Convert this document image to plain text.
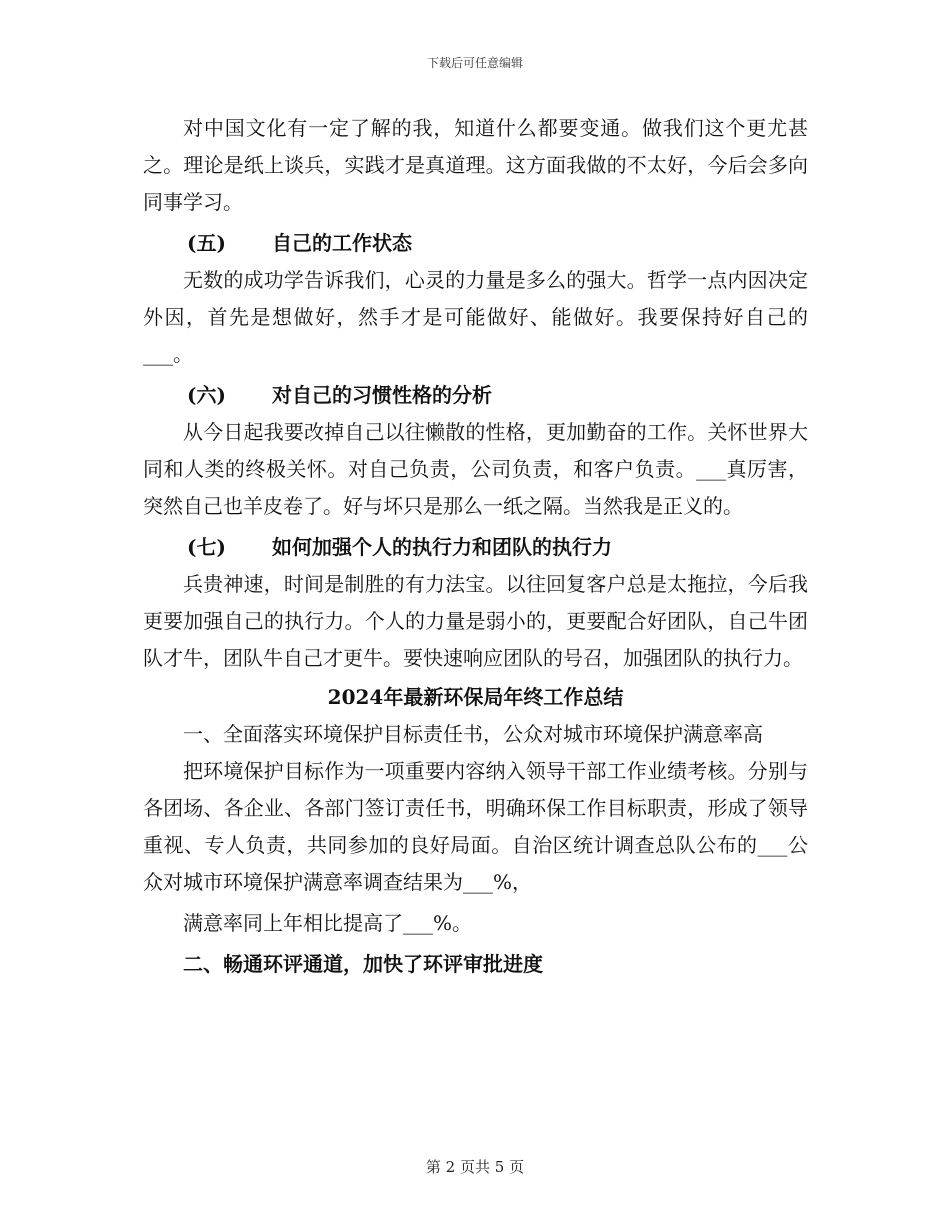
下载后可任意编辑

对中国文化有一定了解的我，知道什么都要变通。做我们这个更尤甚之。理论是纸上谈兵，实践才是真道理。这方面我做的不太好，今后会多向同事学习。

(五) 自己的工作状态

无数的成功学告诉我们，心灵的力量是多么的强大。哲学一点内因决定外因，首先是想做好，然手才是可能做好、能做好。我要保持好自己的___。

(六) 对自己的习惯性格的分析

从今日起我要改掉自己以往懒散的性格，更加勤奋的工作。关怀世界大同和人类的终极关怀。对自己负责，公司负责，和客户负责。___真厉害，突然自己也羊皮卷了。好与坏只是那么一纸之隔。当然我是正义的。

(七) 如何加强个人的执行力和团队的执行力

兵贵神速，时间是制胜的有力法宝。以往回复客户总是太拖拉，今后我更要加强自己的执行力。个人的力量是弱小的，更要配合好团队，自己牛团队才牛，团队牛自己才更牛。要快速响应团队的号召，加强团队的执行力。

2024年最新环保局年终工作总结

一、全面落实环境保护目标责任书，公众对城市环境保护满意率高

把环境保护目标作为一项重要内容纳入领导干部工作业绩考核。分别与各团场、各企业、各部门签订责任书，明确环保工作目标职责，形成了领导重视、专人负责，共同参加的良好局面。自治区统计调查总队公布的___公众对城市环境保护满意率调查结果为___%，

满意率同上年相比提高了___%。

二、畅通环评通道，加快了环评审批进度

第 2 页共 5 页
